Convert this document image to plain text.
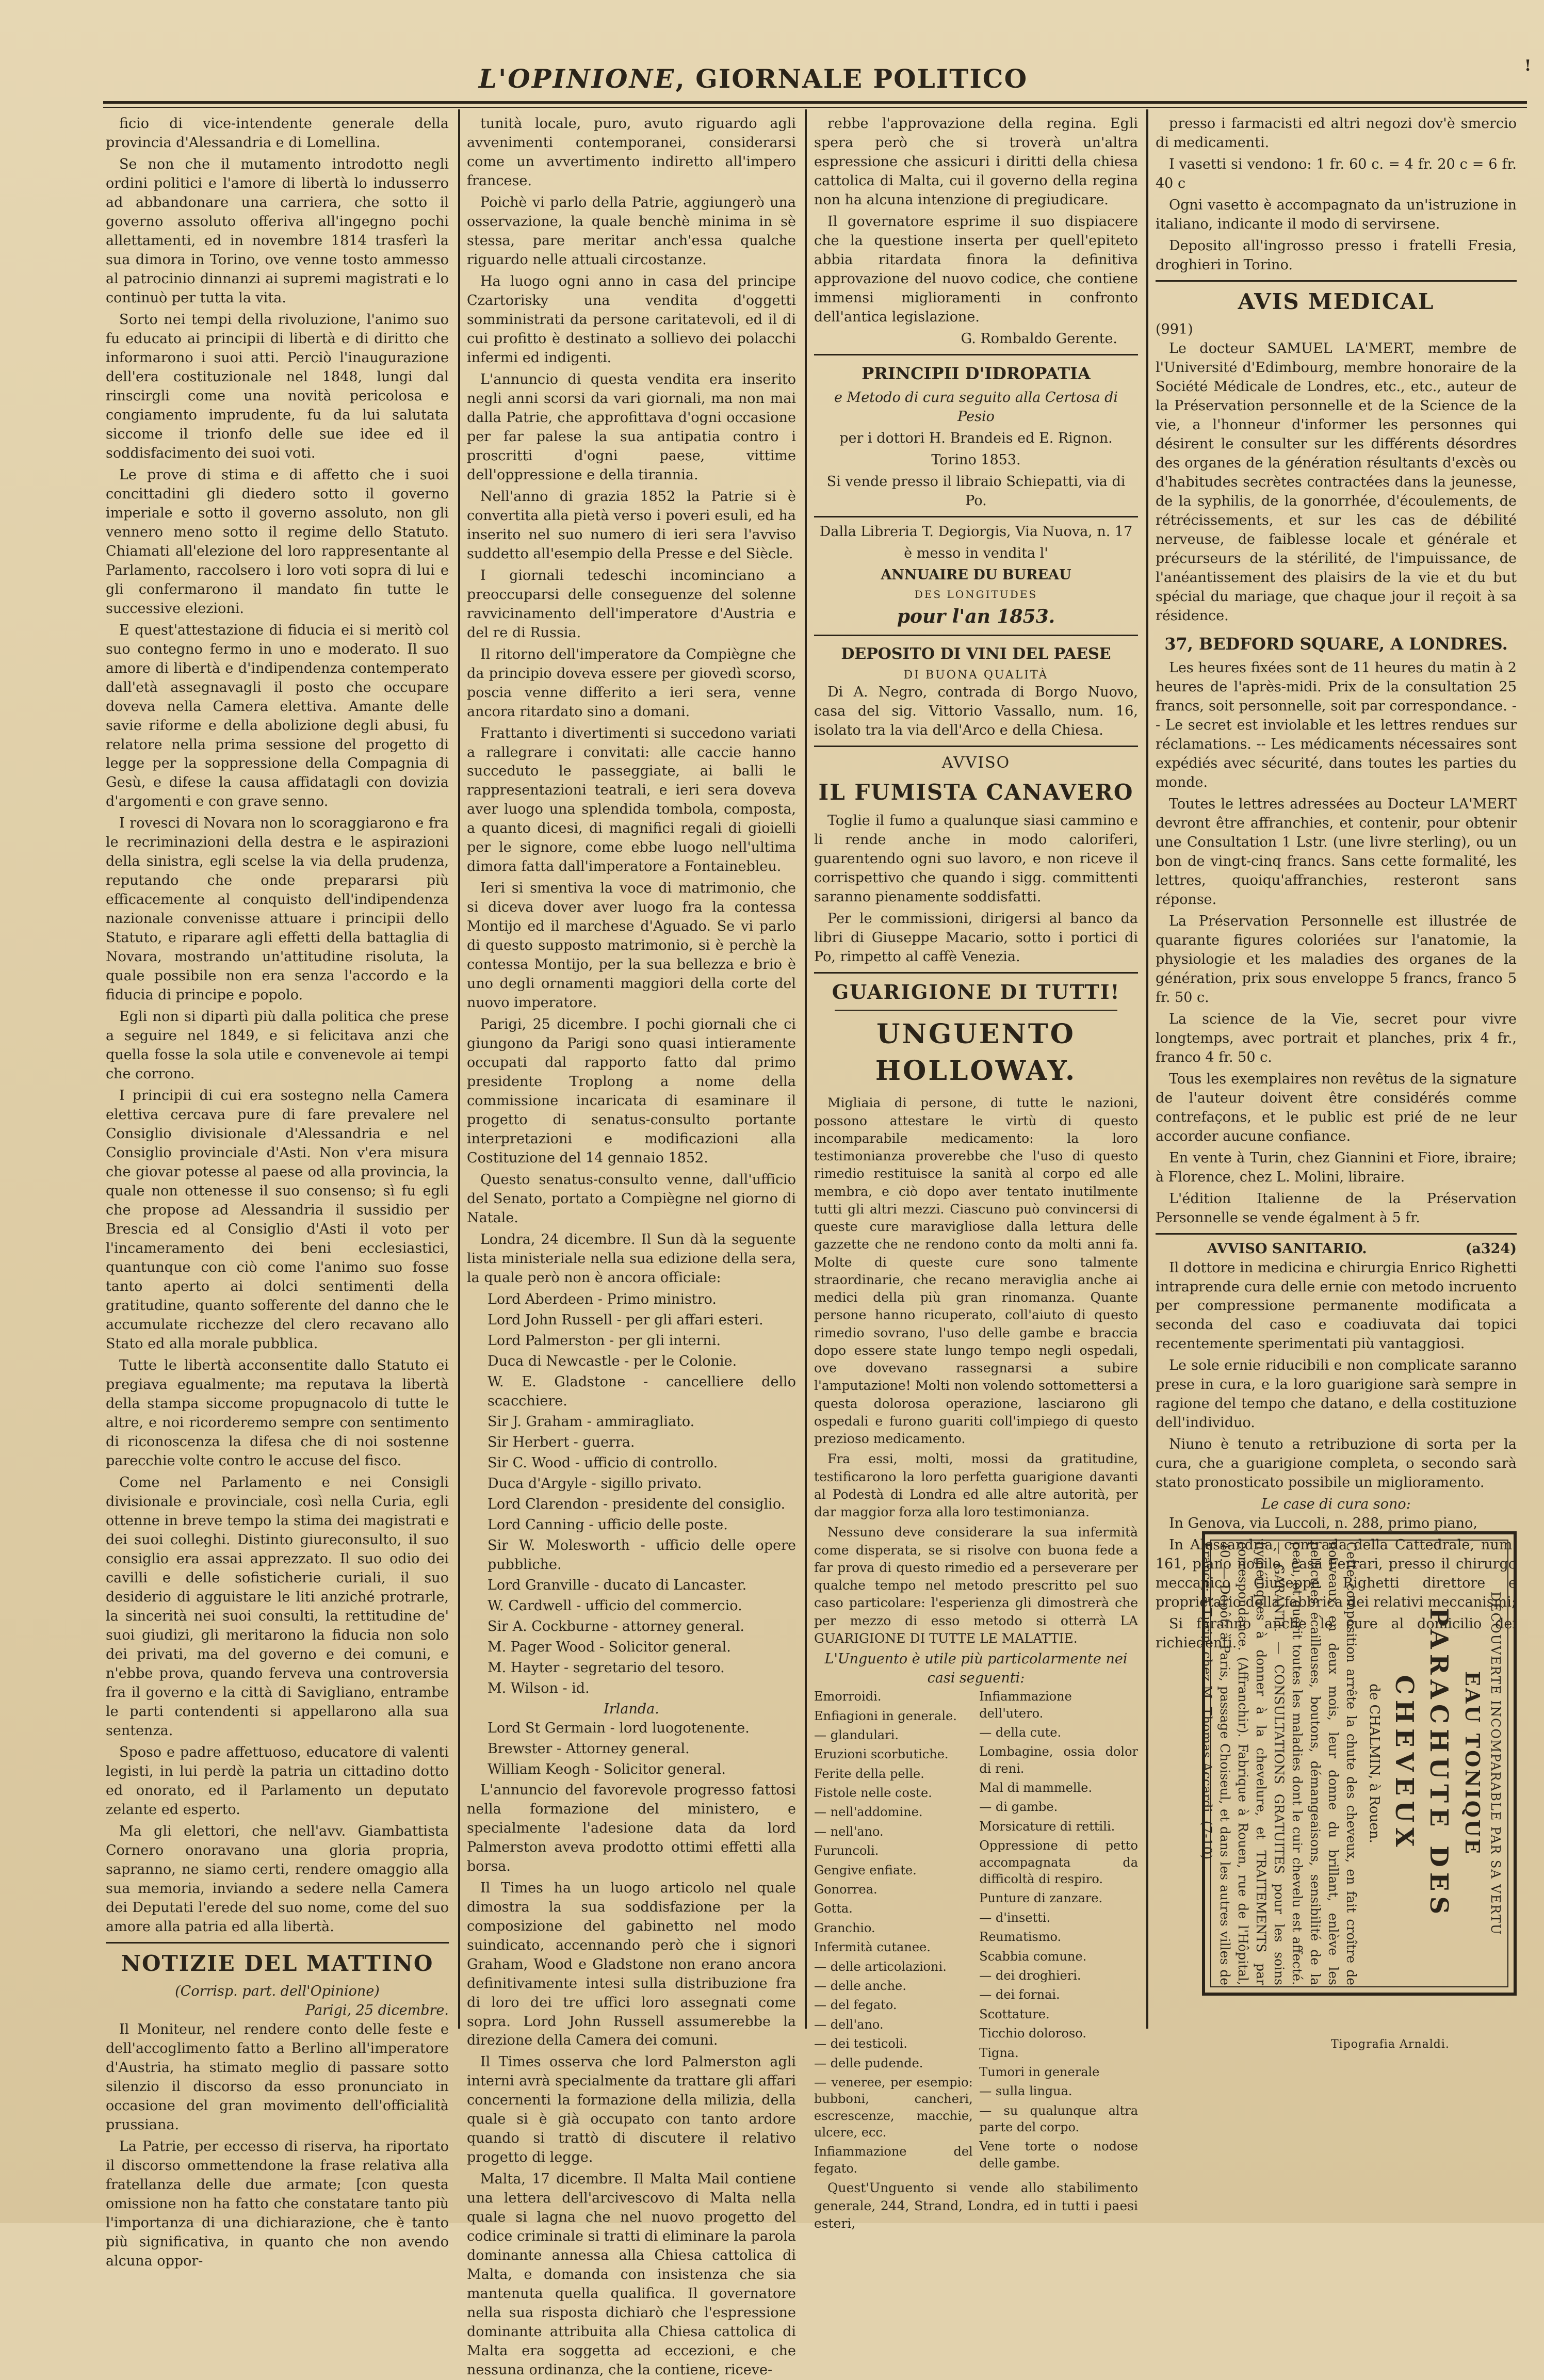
L'OPINIONE, GIORNALE POLITICO	!

ficio di vice-intendente generale della provincia d'Alessandria e di Lomellina.

Se non che il mutamento introdotto negli ordini politici e l'amore di libertà lo indusserro ad abbandonare una carriera, che sotto il governo assoluto offeriva all'ingegno pochi allettamenti, ed in novembre 1814 trasferì la sua dimora in Torino, ove venne tosto ammesso al patrocinio dinnanzi ai supremi magistrati e lo continuò per tutta la vita.

Sorto nei tempi della rivoluzione, l'animo suo fu educato ai principii di libertà e di diritto che informarono i suoi atti. Perciò l'inaugurazione dell'era costituzionale nel 1848, lungi dal rinscirgli come una novità pericolosa e congiamento imprudente, fu da lui salutata siccome il trionfo delle sue idee ed il soddisfacimento dei suoi voti.

Le prove di stima e di affetto che i suoi concittadini gli diedero sotto il governo imperiale e sotto il governo assoluto, non gli vennero meno sotto il regime dello Statuto. Chiamati all'elezione del loro rappresentante al Parlamento, raccolsero i loro voti sopra di lui e gli confermarono il mandato fin tutte le successive elezioni.

E quest'attestazione di fiducia ei si meritò col suo contegno fermo in uno e moderato. Il suo amore di libertà e d'indipendenza contemperato dall'età assegnavagli il posto che occupare doveva nella Camera elettiva. Amante delle savie riforme e della abolizione degli abusi, fu relatore nella prima sessione del progetto di legge per la soppressione della Compagnia di Gesù, e difese la causa affidatagli con dovizia d'argomenti e con grave senno.

I rovesci di Novara non lo scoraggiarono e fra le recriminazioni della destra e le aspirazioni della sinistra, egli scelse la via della prudenza, reputando che onde prepararsi più efficacemente al conquisto dell'indipendenza nazionale convenisse attuare i principii dello Statuto, e riparare agli effetti della battaglia di Novara, mostrando un'attitudine risoluta, la quale possibile non era senza l'accordo e la fiducia di principe e popolo.

Egli non si dipartì più dalla politica che prese a seguire nel 1849, e si felicitava anzi che quella fosse la sola utile e convenevole ai tempi che corrono.

I principii di cui era sostegno nella Camera elettiva cercava pure di fare prevalere nel Consiglio divisionale d'Alessandria e nel Consiglio provinciale d'Asti. Non v'era misura che giovar potesse al paese od alla provincia, la quale non ottenesse il suo consenso; sì fu egli che propose ad Alessandria il sussidio per Brescia ed al Consiglio d'Asti il voto per l'incameramento dei beni ecclesiastici, quantunque con ciò come l'animo suo fosse tanto aperto ai dolci sentimenti della gratitudine, quanto sofferente del danno che le accumulate ricchezze del clero recavano allo Stato ed alla morale pubblica.

Tutte le libertà acconsentite dallo Statuto ei pregiava egualmente; ma reputava la libertà della stampa siccome propugnacolo di tutte le altre, e noi ricorderemo sempre con sentimento di riconoscenza la difesa che di noi sostenne parecchie volte contro le accuse del fisco.

Come nel Parlamento e nei Consigli divisionale e provinciale, così nella Curia, egli ottenne in breve tempo la stima dei magistrati e dei suoi colleghi. Distinto giureconsulto, il suo consiglio era assai apprezzato. Il suo odio dei cavilli e delle sofisticherie curiali, il suo desiderio di agguistare le liti anziché protrarle, la sincerità nei suoi consulti, la rettitudine de' suoi giudizi, gli meritarono la fiducia non solo dei privati, ma del governo e dei comuni, e n'ebbe prova, quando ferveva una controversia fra il governo e la città di Savigliano, entrambe le parti contendenti si appellarono alla sua sentenza.

Sposo e padre affettuoso, educatore di valenti legisti, in lui perdè la patria un cittadino dotto ed onorato, ed il Parlamento un deputato zelante ed esperto.

Ma gli elettori, che nell'avv. Giambattista Cornero onoravano una gloria propria, sapranno, ne siamo certi, rendere omaggio alla sua memoria, inviando a sedere nella Camera dei Deputati l'erede del suo nome, come del suo amore alla patria ed alla libertà.

NOTIZIE DEL MATTINO
(Corrisp. part. dell'Opinione)
Parigi, 25 dicembre.

Il Moniteur, nel rendere conto delle feste e dell'accoglimento fatto a Berlino all'imperatore d'Austria, ha stimato meglio di passare sotto silenzio il discorso da esso pronunciato in occasione del gran movimento dell'officialità prussiana.

La Patrie, per eccesso di riserva, ha riportato il discorso ommettendone la frase relativa alla fratellanza delle due armate; [con questa omissione non ha fatto che constatare tanto più l'importanza di una dichiarazione, che è tanto più significativa, in quanto che non avendo alcuna oppor-

tunità locale, puro, avuto riguardo agli avvenimenti contemporanei, considerarsi come un avvertimento indiretto all'impero francese.

Poichè vi parlo della Patrie, aggiungerò una osservazione, la quale benchè minima in sè stessa, pare meritar anch'essa qualche riguardo nelle attuali circostanze.

Ha luogo ogni anno in casa del principe Czartorisky una vendita d'oggetti somministrati da persone caritatevoli, ed il di cui profitto è destinato a sollievo dei polacchi infermi ed indigenti.

L'annuncio di questa vendita era inserito negli anni scorsi da vari giornali, ma non mai dalla Patrie, che approfittava d'ogni occasione per far palese la sua antipatia contro i proscritti d'ogni paese, vittime dell'oppressione e della tirannia.

Nell'anno di grazia 1852 la Patrie si è convertita alla pietà verso i poveri esuli, ed ha inserito nel suo numero di ieri sera l'avviso suddetto all'esempio della Presse e del Siècle.

I giornali tedeschi incominciano a preoccuparsi delle conseguenze del solenne ravvicinamento dell'imperatore d'Austria e del re di Russia.

Il ritorno dell'imperatore da Compiègne che da principio doveva essere per giovedì scorso, poscia venne differito a ieri sera, venne ancora ritardato sino a domani.

Frattanto i divertimenti si succedono variati a rallegrare i convitati: alle caccie hanno succeduto le passeggiate, ai balli le rappresentazioni teatrali, e ieri sera doveva aver luogo una splendida tombola, composta, a quanto dicesi, di magnifici regali di gioielli per le signore, come ebbe luogo nell'ultima dimora fatta dall'imperatore a Fontainebleu.

Ieri si smentiva la voce di matrimonio, che si diceva dover aver luogo fra la contessa Montijo ed il marchese d'Aguado. Se vi parlo di questo supposto matrimonio, si è perchè la contessa Montijo, per la sua bellezza e brio è uno degli ornamenti maggiori della corte del nuovo imperatore.

Parigi, 25 dicembre. I pochi giornali che ci giungono da Parigi sono quasi intieramente occupati dal rapporto fatto dal primo presidente Troplong a nome della commissione incaricata di esaminare il progetto di senatus-consulto portante interpretazioni e modificazioni alla Costituzione del 14 gennaio 1852.

Questo senatus-consulto venne, dall'ufficio del Senato, portato a Compiègne nel giorno di Natale.

Londra, 24 dicembre. Il Sun dà la seguente lista ministeriale nella sua edizione della sera, la quale però non è ancora officiale:

Lord Aberdeen - Primo ministro.

Lord John Russell - per gli affari esteri.

Lord Palmerston - per gli interni.

Duca di Newcastle - per le Colonie.

W. E. Gladstone - cancelliere dello scacchiere.

Sir J. Graham - ammiragliato.

Sir Herbert - guerra.

Sir C. Wood - ufficio di controllo.

Duca d'Argyle - sigillo privato.

Lord Clarendon - presidente del consiglio.

Lord Canning - ufficio delle poste.

Sir W. Molesworth - ufficio delle opere pubbliche.

Lord Granville - ducato di Lancaster.

W. Cardwell - ufficio del commercio.

Sir A. Cockburne - attorney general.

M. Pager Wood - Solicitor general.

M. Hayter - segretario del tesoro.

M. Wilson - id.

Irlanda.

Lord St Germain - lord luogotenente.

Brewster - Attorney general.

William Keogh - Solicitor general.

L'annuncio del favorevole progresso fattosi nella formazione del ministero, e specialmente l'adesione data da lord Palmerston aveva prodotto ottimi effetti alla borsa.

Il Times ha un luogo articolo nel quale dimostra la sua soddisfazione per la composizione del gabinetto nel modo suindicato, accennando però che i signori Graham, Wood e Gladstone non erano ancora definitivamente intesi sulla distribuzione fra di loro dei tre uffici loro assegnati come sopra. Lord John Russell assumerebbe la direzione della Camera dei comuni.

Il Times osserva che lord Palmerston agli interni avrà specialmente da trattare gli affari concernenti la formazione della milizia, della quale si è già occupato con tanto ardore quando si trattò di discutere il relativo progetto di legge.

Malta, 17 dicembre. Il Malta Mail contiene una lettera dell'arcivescovo di Malta nella quale si lagna che nel nuovo progetto del codice criminale si tratti di eliminare la parola dominante annessa alla Chiesa cattolica di Malta, e domanda con insistenza che sia mantenuta quella qualifica. Il governatore nella sua risposta dichiarò che l'espressione dominante attribuita alla Chiesa cattolica di Malta era soggetta ad eccezioni, e che nessuna ordinanza, che la contiene, riceve-

rebbe l'approvazione della regina. Egli spera però che si troverà un'altra espressione che assicuri i diritti della chiesa cattolica di Malta, cui il governo della regina non ha alcuna intenzione di pregiudicare.

Il governatore esprime il suo dispiacere che la questione inserta per quell'epiteto abbia ritardata finora la definitiva approvazione del nuovo codice, che contiene immensi miglioramenti in confronto dell'antica legislazione.

G. Rombaldo Gerente.
PRINCIPII D'IDROPATIA

e Metodo di cura seguito alla Certosa di Pesio

per i dottori H. Brandeis ed E. Rignon.

Torino 1853.

Si vende presso il libraio Schiepatti, via di Po.

Dalla Libreria T. Degiorgis, Via Nuova, n. 17

è messo in vendita l'

ANNUAIRE DU BUREAU

DES LONGITUDES

pour l'an 1853.

DEPOSITO DI VINI DEL PAESE
DI BUONA QUALITÀ

Di A. Negro, contrada di Borgo Nuovo, casa del sig. Vittorio Vassallo, num. 16, isolato tra la via dell'Arco e della Chiesa.

AVVISO
IL FUMISTA CANAVERO

Toglie il fumo a qualunque siasi cammino e li rende anche in modo caloriferi, guarentendo ogni suo lavoro, e non riceve il corrispettivo che quando i sigg. committenti saranno pienamente soddisfatti.

Per le commissioni, dirigersi al banco da libri di Giuseppe Macario, sotto i portici di Po, rimpetto al caffè Venezia.

GUARIGIONE DI TUTTI!
UNGUENTO HOLLOWAY.

Migliaia di persone, di tutte le nazioni, possono attestare le virtù di questo incomparabile medicamento: la loro testimonianza proverebbe che l'uso di questo rimedio restituisce la sanità al corpo ed alle membra, e ciò dopo aver tentato inutilmente tutti gli altri mezzi. Ciascuno può convincersi di queste cure maravigliose dalla lettura delle gazzette che ne rendono conto da molti anni fa. Molte di queste cure sono talmente straordinarie, che recano meraviglia anche ai medici della più gran rinomanza. Quante persone hanno ricuperato, coll'aiuto di questo rimedio sovrano, l'uso delle gambe e braccia dopo essere state lungo tempo negli ospedali, ove dovevano rassegnarsi a subire l'amputazione! Molti non volendo sottomettersi a questa dolorosa operazione, lasciarono gli ospedali e furono guariti coll'impiego di questo prezioso medicamento.

Fra essi, molti, mossi da gratitudine, testificarono la loro perfetta guarigione davanti al Podestà di Londra ed alle altre autorità, per dar maggior forza alla loro testimonianza.

Nessuno deve considerare la sua infermità come disperata, se si risolve con buona fede a far prova di questo rimedio ed a perseverare per qualche tempo nel metodo prescritto pel suo caso particolare: l'esperienza gli dimostrerà che per mezzo di esso metodo si otterrà LA GUARIGIONE DI TUTTE LE MALATTIE.

L'Unguento è utile più particolarmente nei casi seguenti:

Emorroidi.

Enfiagioni in generale.

— glandulari.

Eruzioni scorbutiche.

Ferite della pelle.

Fistole nelle coste.

— nell'addomine.

— nell'ano.

Furuncoli.

Gengive enfiate.

Gonorrea.

Gotta.

Granchio.

Infermità cutanee.

— delle articolazioni.

— delle anche.

— del fegato.

— dell'ano.

— dei testicoli.

— delle pudende.

— veneree, per esempio: bubboni, cancheri, escrescenze, macchie, ulcere, ecc.

Infiammazione del fegato.

Infiammazione dell'utero.

— della cute.

Lombagine, ossia dolor di reni.

Mal di mammelle.

— di gambe.

Morsicature di rettili.

Oppressione di petto accompagnata da difficoltà di respiro.

Punture di zanzare.

— d'insetti.

Reumatismo.

Scabbia comune.

— dei droghieri.

— dei fornai.

Scottature.

Ticchio doloroso.

Tigna.

Tumori in generale

— sulla lingua.

— su qualunque altra parte del corpo.

Vene torte o nodose delle gambe.

Quest'Unguento si vende allo stabilimento generale, 244, Strand, Londra, ed in tutti i paesi esteri,

presso i farmacisti ed altri negozi dov'è smercio di medicamenti.

I vasetti si vendono: 1 fr. 60 c. = 4 fr. 20 c = 6 fr. 40 c

Ogni vasetto è accompagnato da un'istruzione in italiano, indicante il modo di servirsene.

Deposito all'ingrosso presso i fratelli Fresia, droghieri in Torino.

AVIS MEDICAL
(991)

Le docteur SAMUEL LA'MERT, membre de l'Université d'Edimbourg, membre honoraire de la Société Médicale de Londres, etc., etc., auteur de la Préservation personnelle et de la Science de la vie, a l'honneur d'informer les personnes qui désirent le consulter sur les différents désordres des organes de la génération résultants d'excès ou d'habitudes secrètes contractées dans la jeunesse, de la syphilis, de la gonorrhée, d'écoulements, de rétrécissements, et sur les cas de débilité nerveuse, de faiblesse locale et générale et précurseurs de la stérilité, de l'impuissance, de l'anéantissement des plaisirs de la vie et du but spécial du mariage, que chaque jour il reçoit à sa résidence.

37, BEDFORD SQUARE, A LONDRES.

Les heures fixées sont de 11 heures du matin à 2 heures de l'après-midi. Prix de la consultation 25 francs, soit personnelle, soit par correspondance. -- Le secret est inviolable et les lettres rendues sur réclamations. -- Les médicaments nécessaires sont expédiés avec sécurité, dans toutes les parties du monde.

Toutes le lettres adressées au Docteur LA'MERT devront être affranchies, et contenir, pour obtenir une Consultation 1 Lstr. (une livre sterling), ou un bon de vingt-cinq francs. Sans cette formalité, les lettres, quoiqu'affranchies, resteront sans réponse.

La Préservation Personnelle est illustrée de quarante figures coloriées sur l'anatomie, la physiologie et les maladies des organes de la génération, prix sous enveloppe 5 francs, franco 5 fr. 50 c.

La science de la Vie, secret pour vivre longtemps, avec portrait et planches, prix 4 fr., franco 4 fr. 50 c.

Tous les exemplaires non revêtus de la signature de l'auteur doivent être considérés comme contrefaçons, et le public est prié de ne leur accorder aucune confiance.

En vente à Turin, chez Giannini et Fiore, ibraire; à Florence, chez L. Molini, libraire.

L'édition Italienne de la Préservation Personnelle se vende égalment à 5 fr.

AVVISO SANITARIO.	(a324)

Il dottore in medicina e chirurgia Enrico Righetti intraprende cura delle ernie con metodo incruento per compressione permanente modificata a seconda del caso e coadiuvata dai topici recentemente sperimentati più vantaggiosi.

Le sole ernie riducibili e non complicate saranno prese in cura, e la loro guarigione sarà sempre in ragione del tempo che datano, e della costituzione dell'individuo.

Niuno è tenuto a retribuzione di sorta per la cura, che a guarigione completa, o secondo sarà stato pronosticato possibile un miglioramento.

Le case di cura sono:

In Genova, via Luccoli, n. 288, primo piano,

In Alessandria, contrada della Cattedrale, num. 161, piano nobile, casa Ferrari, presso il chirurgo meccanico Giuseppe Righetti direttore e proprietario della fabbrica dei relativi meccanismi;

Si faranno anche le cure al domicilio dei richiedenti.	DÉCOUVERTE INCOMPARABLE PAR SA VERTU
EAU TONIQUE
PARACHUTE DES CHEVEUX
de CHALMIN, à Rouen.
Cette composition arrête la chute des cheveux, en fait croître de nouveaux en deux mois, leur donne du brillant, enlève les pellicules écailleuses, boutons, démangeaisons, sensibilité de la peau, et guérit toutes les maladies dont le cuir chevelu est affecté. — GARANTI. — CONSULTATIONS GRATUITES pour les soins hygiéniques à donner à la chevelure, et TRAITEMENTS par correspondance. (Affranchir). Fabrique à Rouen, rue de l'Hôpital, 40. — Dépôt: à Paris, passage Choiseul, et dans les autres villes de France; à Turin, chez M. Thomas Accardi. (7-10)
Tipografia Arnaldi.
